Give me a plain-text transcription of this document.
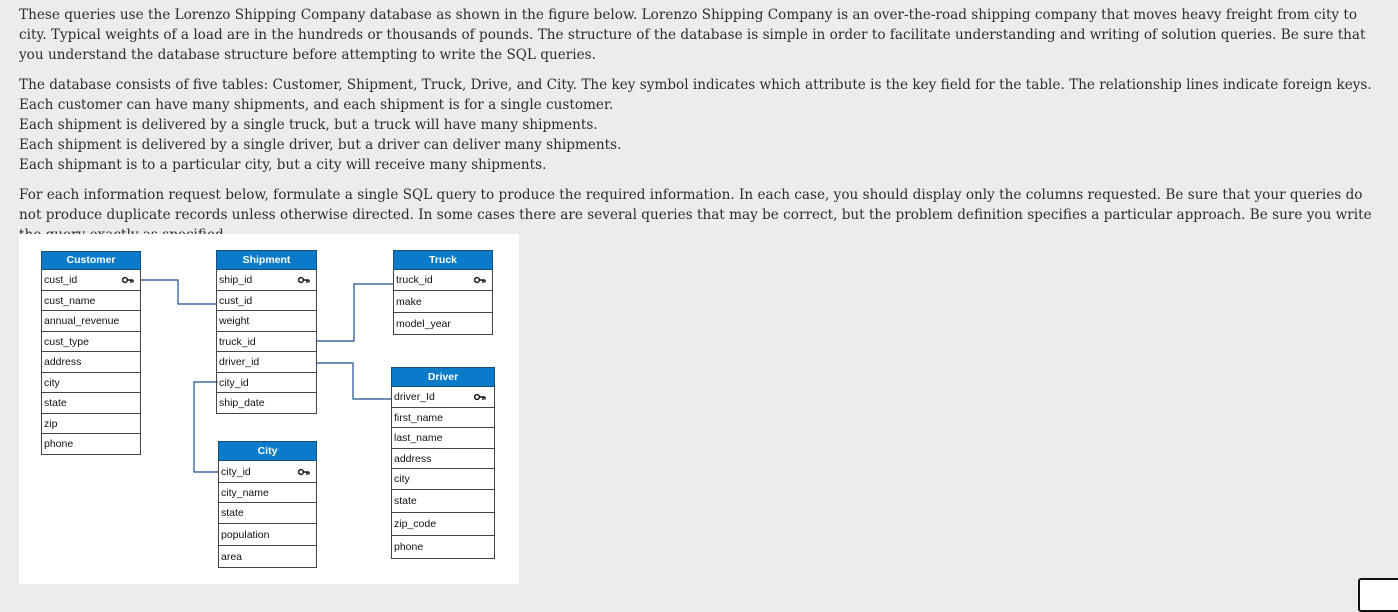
These queries use the Lorenzo Shipping Company database as shown in the figure below. Lorenzo Shipping Company is an over-the-road shipping company that moves heavy freight from city to city. Typical weights of a load are in the hundreds or thousands of pounds. The structure of the database is simple in order to facilitate understanding and writing of solution queries. Be sure that you understand the database structure before attempting to write the SQL queries.

The database consists of five tables: Customer, Shipment, Truck, Drive, and City. The key symbol indicates which attribute is the key field for the table. The relationship lines indicate foreign keys.
Each customer can have many shipments, and each shipment is for a single customer.
Each shipment is delivered by a single truck, but a truck will have many shipments.
Each shipment is delivered by a single driver, but a driver can deliver many shipments.
Each shipmant is to a particular city, but a city will receive many shipments.

For each information request below, formulate a single SQL query to produce the required information. In each case, you should display only the columns requested. Be sure that your queries do not produce duplicate records unless otherwise directed. In some cases there are several queries that may be correct, but the problem definition specifies a particular approach. Be sure you write

Customer
cust_id
cust_name
annual_revenue
cust_type
address
city
state
zip
phone
Shipment
ship_id
cust_id
weight
truck_id
driver_id
city_id
ship_date
Truck
truck_id
make
model_year
Driver
driver_Id
first_name
last_name
address
city
state
zip_code
phone
City
city_id
city_name
state
population
area
